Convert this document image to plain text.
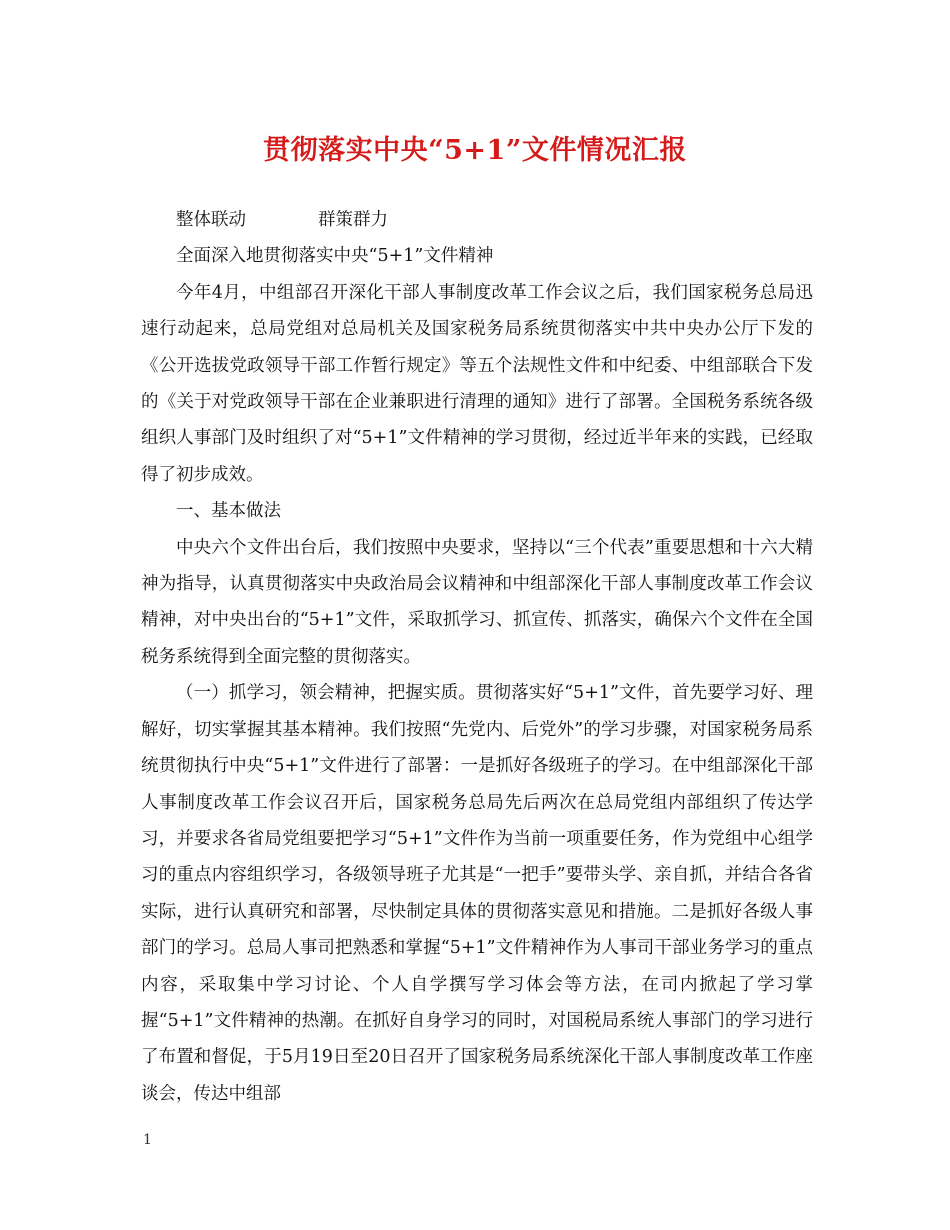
贯彻落实中央“5+1”文件情况汇报
整体联动	群策群力

全面深入地贯彻落实中央“5+1”文件精神

今年4月，中组部召开深化干部人事制度改革工作会议之后，我们国家税务总局迅速行动起来，总局党组对总局机关及国家税务局系统贯彻落实中共中央办公厅下发的《公开选拔党政领导干部工作暂行规定》等五个法规性文件和中纪委、中组部联合下发的《关于对党政领导干部在企业兼职进行清理的通知》进行了部署。全国税务系统各级组织人事部门及时组织了对“5+1”文件精神的学习贯彻，经过近半年来的实践，已经取得了初步成效。

一、基本做法

中央六个文件出台后，我们按照中央要求，坚持以“三个代表”重要思想和十六大精神为指导，认真贯彻落实中央政治局会议精神和中组部深化干部人事制度改革工作会议精神，对中央出台的“5+1”文件，采取抓学习、抓宣传、抓落实，确保六个文件在全国税务系统得到全面完整的贯彻落实。

（一）抓学习，领会精神，把握实质。贯彻落实好“5+1”文件，首先要学习好、理解好，切实掌握其基本精神。我们按照“先党内、后党外”的学习步骤，对国家税务局系统贯彻执行中央“5+1”文件进行了部署：一是抓好各级班子的学习。在中组部深化干部人事制度改革工作会议召开后，国家税务总局先后两次在总局党组内部组织了传达学习，并要求各省局党组要把学习“5+1”文件作为当前一项重要任务，作为党组中心组学习的重点内容组织学习，各级领导班子尤其是“一把手”要带头学、亲自抓，并结合各省实际，进行认真研究和部署，尽快制定具体的贯彻落实意见和措施。二是抓好各级人事部门的学习。总局人事司把熟悉和掌握“5+1”文件精神作为人事司干部业务学习的重点内容，采取集中学习讨论、个人自学撰写学习体会等方法，在司内掀起了学习掌握“5+1”文件精神的热潮。在抓好自身学习的同时，对国税局系统人事部门的学习进行了布置和督促，于5月19日至20日召开了国家税务局系统深化干部人事制度改革工作座谈会，传达中组部

1
